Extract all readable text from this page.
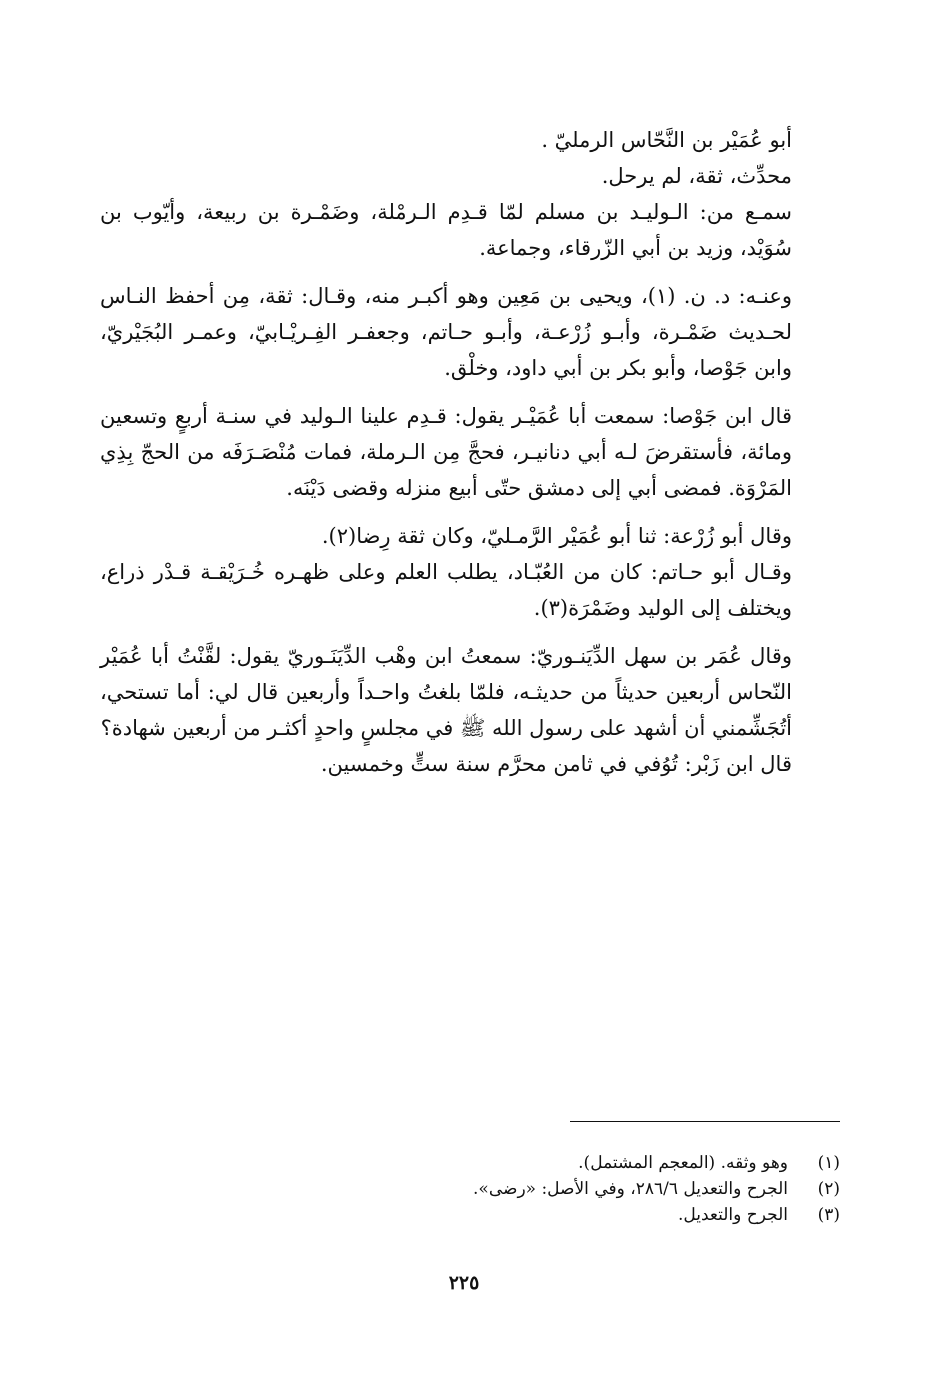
أبو عُمَيْر بن النَّحّاس الرمليّ .

محدِّث، ثقة، لم يرحل.

سمـع من: الـوليـد بن مسلم لمّا قـدِم الـرمْلة، وضَمْـرة بن ربيعة، وأيّوب بن سُوَيْد، وزيد بن أبي الزّرقاء، وجماعة.

وعنـه: د. ن. (١)، ويحيى بن مَعِين وهو أكبـر منه، وقـال: ثقة، مِن أحفظ النـاس لحـديث ضَمْـرة، وأبـو زُرْعـة، وأبـو حـاتم، وجعفـر الفِـريْـابيّ، وعمـر البُجَيْريّ، وابن جَوْصا، وأبو بكر بن أبي داود، وخلْق.

قال ابن جَوْصا: سمعت أبا عُمَيْـر يقول: قـدِم علينا الـوليد في سنـة أربعٍ وتسعين ومائة، فأستقرضَ لـه أبي دنانيـر، فحجَّ مِن الـرملة، فمات مُنْصَـرَفَه من الحجّ بِذِي المَرْوَة. فمضى أبي إلى دمشق حتّى أبيع منزله وقضى دَيْنَه.

وقال أبو زُرْعة: ثنا أبو عُمَيْر الرَّمـليّ، وكان ثقة رِضا(٢).

وقـال أبو حـاتم: كان من العُبّـاد، يطلب العلم وعلى ظهـره خُـرَيْقـة قـدْر ذراع، ويختلف إلى الوليد وضَمْرَة(٣).

وقال عُمَر بن سهل الدِّيَنـوريّ: سمعتُ ابن وهْب الدِّيَنَـوريّ يقول: لقَّنْتُ أبا عُمَيْر النّحاس أربعين حديثاً من حديثـه، فلمّا بلغتُ واحـداً وأربعين قال لي: أما تستحي، أتُجَشِّمني أن أشهد على رسول الله ﷺ في مجلسٍ واحدٍ أكثـر من أربعين شهادة؟

قال ابن زَبْر: تُوُفي في ثامن محرَّم سنة ستٍّ وخمسين.

(١)
وهو وثقه. (المعجم المشتمل).
(٢)
الجرح والتعديل ٢٨٦/٦، وفي الأصل: «رضى».
(٣)
الجرح والتعديل.
٢٢٥
